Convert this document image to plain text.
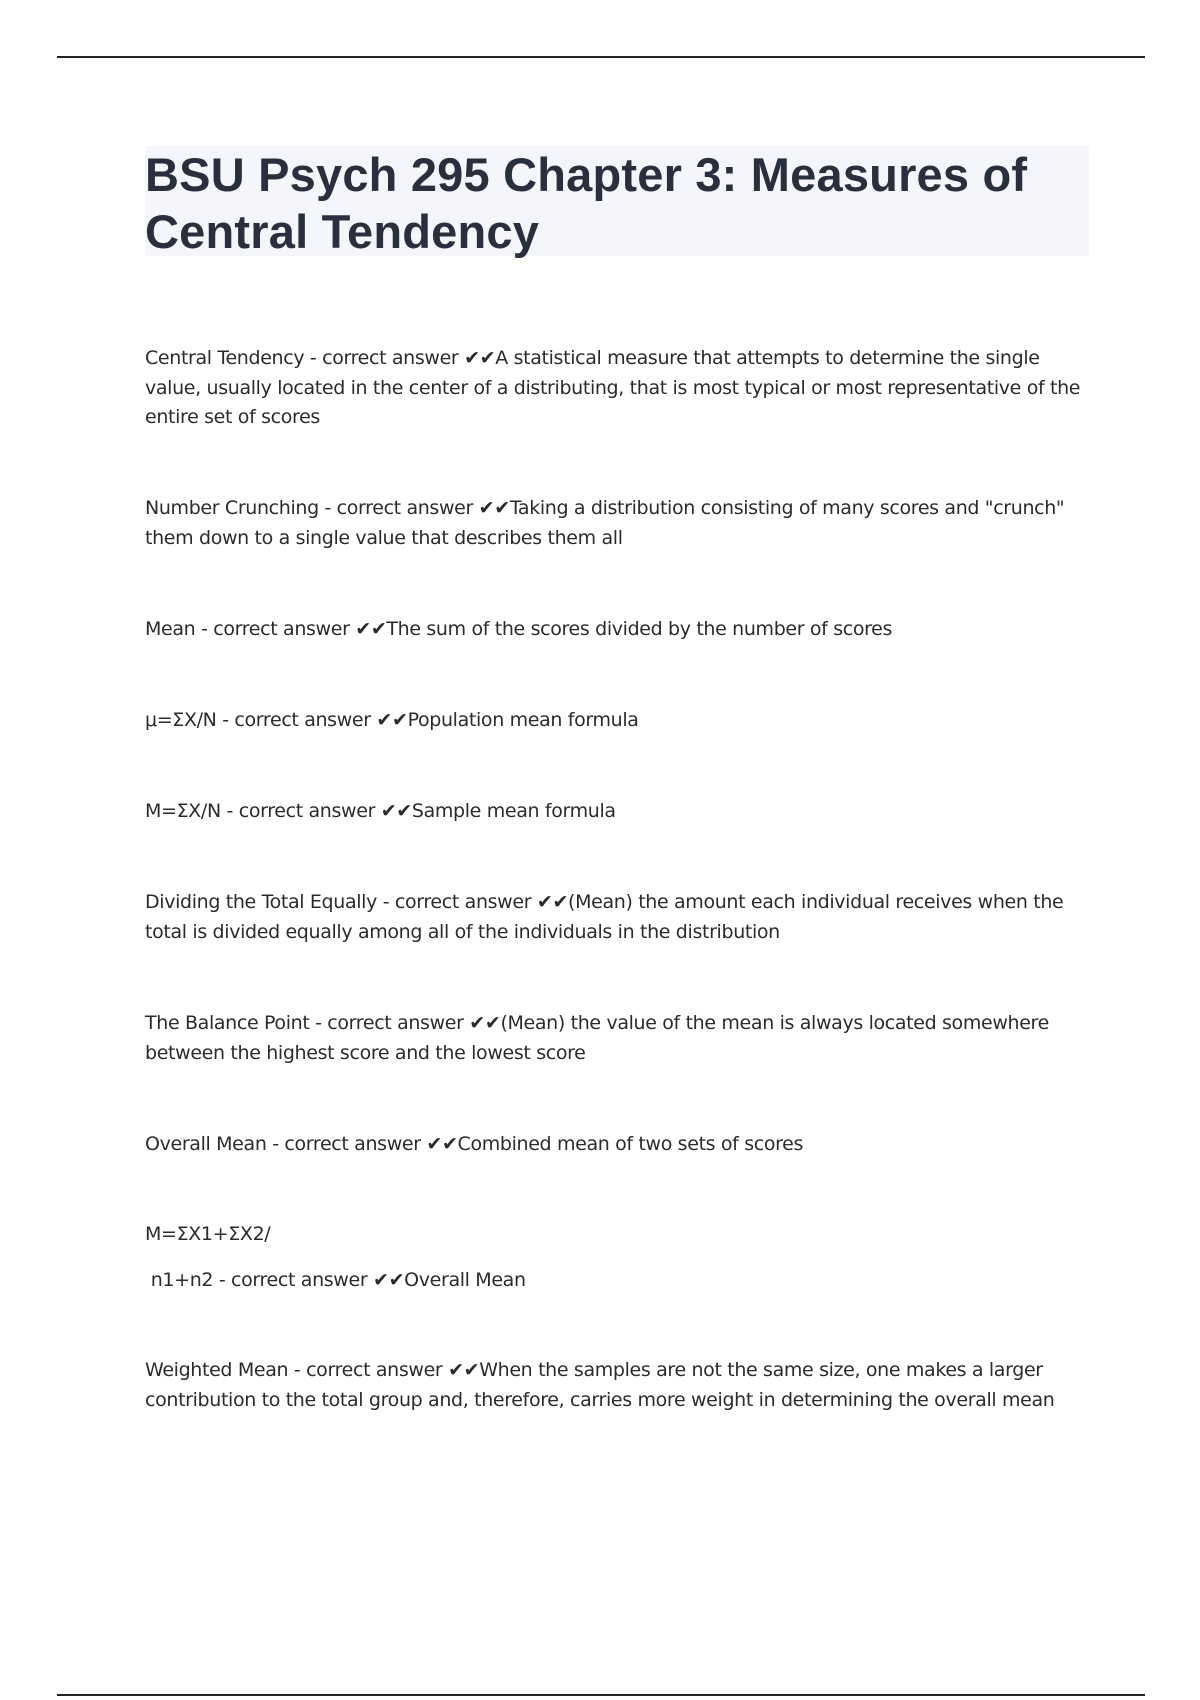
BSU Psych 295 Chapter 3: Measures of Central Tendency

Central Tendency - correct answer ✔✔A statistical measure that attempts to determine the single value, usually located in the center of a distributing, that is most typical or most representative of the entire set of scores

Number Crunching - correct answer ✔✔Taking a distribution consisting of many scores and "crunch" them down to a single value that describes them all

Mean - correct answer ✔✔The sum of the scores divided by the number of scores

μ=ΣX/N - correct answer ✔✔Population mean formula

M=ΣX/N - correct answer ✔✔Sample mean formula

Dividing the Total Equally - correct answer ✔✔(Mean) the amount each individual receives when the total is divided equally among all of the individuals in the distribution

The Balance Point - correct answer ✔✔(Mean) the value of the mean is always located somewhere between the highest score and the lowest score

Overall Mean - correct answer ✔✔Combined mean of two sets of scores

M=ΣX1+ΣX2/

n1+n2 - correct answer ✔✔Overall Mean

Weighted Mean - correct answer ✔✔When the samples are not the same size, one makes a larger contribution to the total group and, therefore, carries more weight in determining the overall mean
